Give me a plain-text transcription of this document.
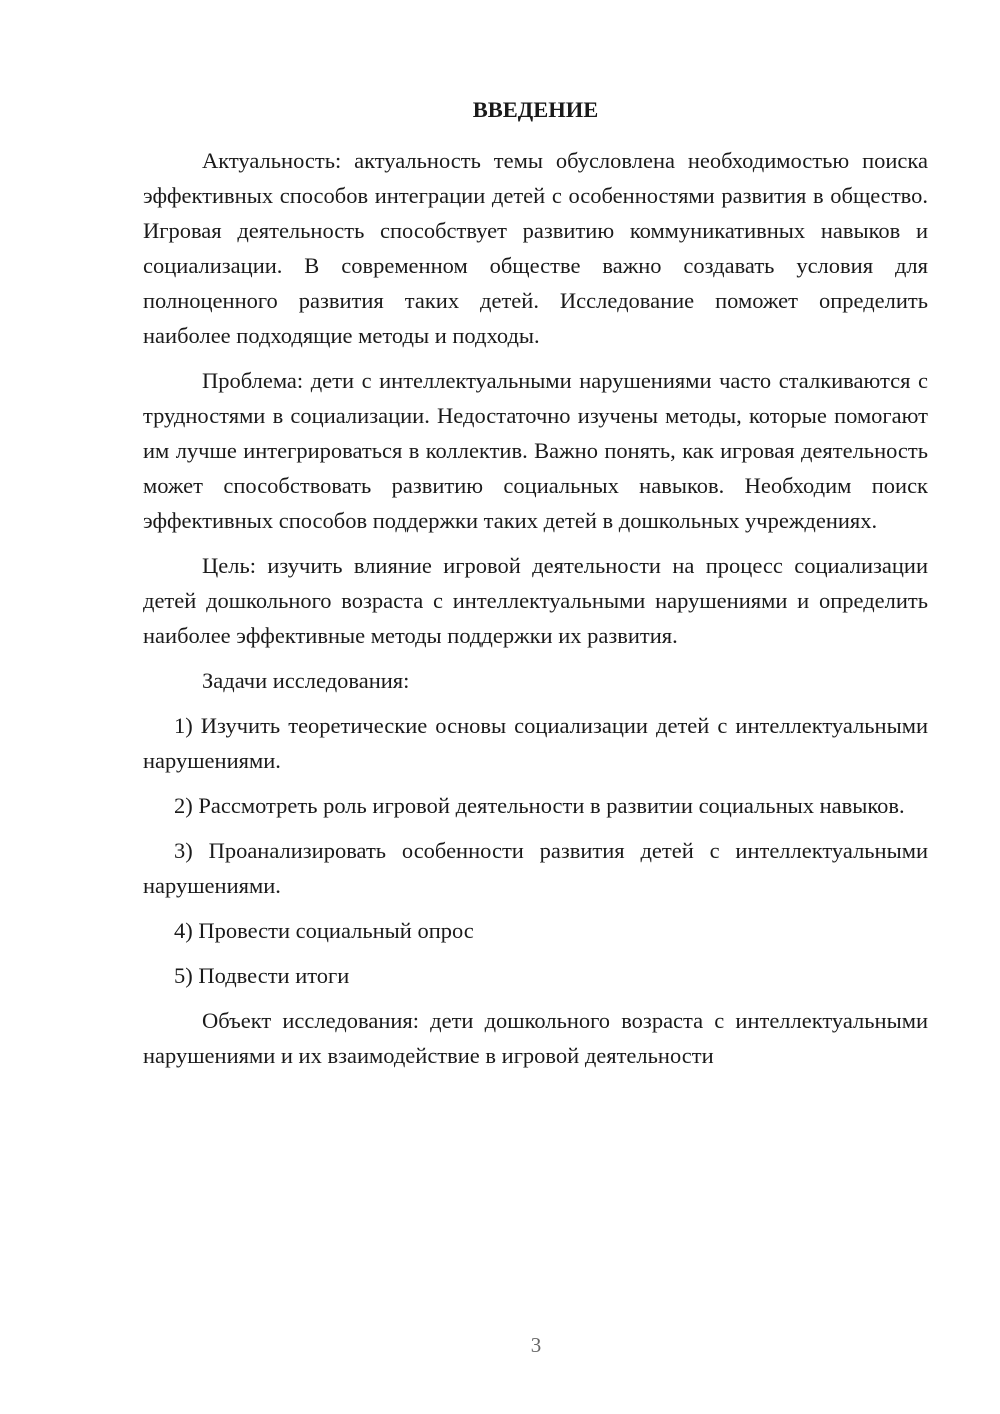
ВВЕДЕНИЕ

Актуальность: актуальность темы обусловлена необходимостью поиска эффективных способов интеграции детей с особенностями развития в общество. Игровая деятельность способствует развитию коммуникативных навыков и социализации. В современном обществе важно создавать условия для полноценного развития таких детей. Исследование поможет определить наиболее подходящие методы и подходы.

Проблема: дети с интеллектуальными нарушениями часто сталкиваются с трудностями в социализации. Недостаточно изучены методы, которые помогают им лучше интегрироваться в коллектив. Важно понять, как игровая деятельность может способствовать развитию социальных навыков. Необходим поиск эффективных способов поддержки таких детей в дошкольных учреждениях.

Цель: изучить влияние игровой деятельности на процесс социализации детей дошкольного возраста с интеллектуальными нарушениями и определить наиболее эффективные методы поддержки их развития.

Задачи исследования:

1) Изучить теоретические основы социализации детей с интеллектуальными нарушениями.

2) Рассмотреть роль игровой деятельности в развитии социальных навыков.

3) Проанализировать особенности развития детей с интеллектуальными нарушениями.

4) Провести социальный опрос

5) Подвести итоги

Объект исследования: дети дошкольного возраста с интеллектуальными нарушениями и их взаимодействие в игровой деятельности

3
